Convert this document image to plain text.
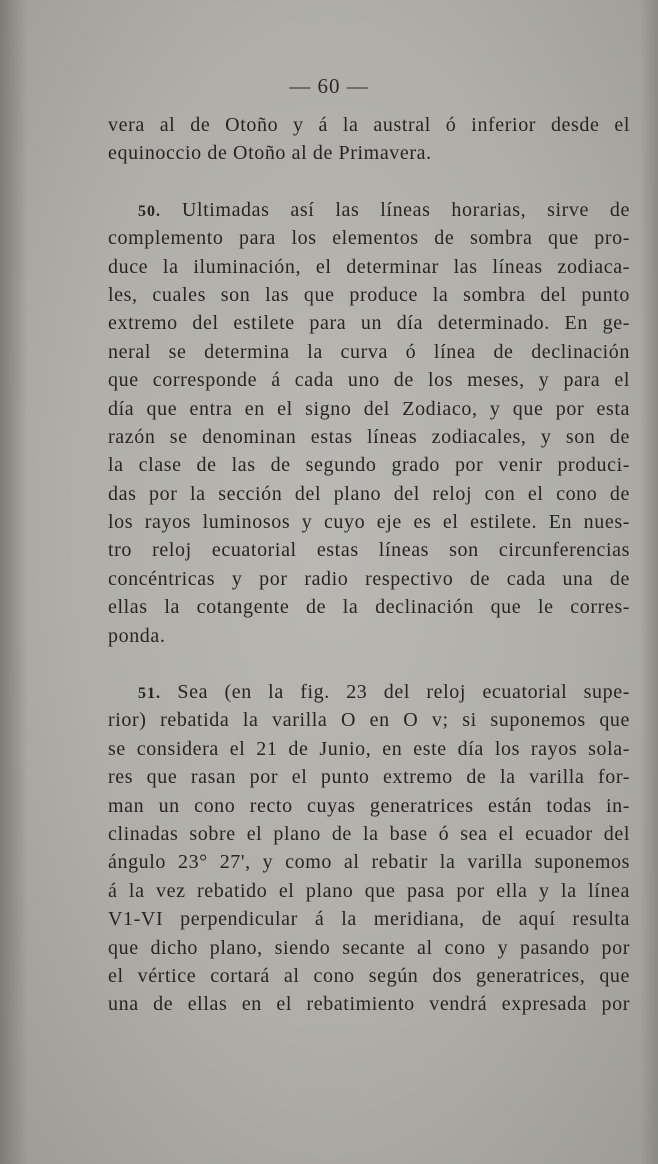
— 60 —
vera al de Otoño y á la austral ó inferior desde el
equinoccio de Otoño al de Primavera.
50. Ultimadas así las líneas horarias, sirve de
complemento para los elementos de sombra que pro-
duce la iluminación, el determinar las líneas zodiaca-
les, cuales son las que produce la sombra del punto
extremo del estilete para un día determinado. En ge-
neral se determina la curva ó línea de declinación
que corresponde á cada uno de los meses, y para el
día que entra en el signo del Zodiaco, y que por esta
razón se denominan estas líneas zodiacales, y son de
la clase de las de segundo grado por venir produci-
das por la sección del plano del reloj con el cono de
los rayos luminosos y cuyo eje es el estilete. En nues-
tro reloj ecuatorial estas líneas son circunferencias
concéntricas y por radio respectivo de cada una de
ellas la cotangente de la declinación que le corres-
ponda.
51. Sea (en la fig. 23 del reloj ecuatorial supe-
rior) rebatida la varilla O en O v; si suponemos que
se considera el 21 de Junio, en este día los rayos sola-
res que rasan por el punto extremo de la varilla for-
man un cono recto cuyas generatrices están todas in-
clinadas sobre el plano de la base ó sea el ecuador del
ángulo 23° 27', y como al rebatir la varilla suponemos
á la vez rebatido el plano que pasa por ella y la línea
V1-VI perpendicular á la meridiana, de aquí resulta
que dicho plano, siendo secante al cono y pasando por
el vértice cortará al cono según dos generatrices, que
una de ellas en el rebatimiento vendrá expresada por
